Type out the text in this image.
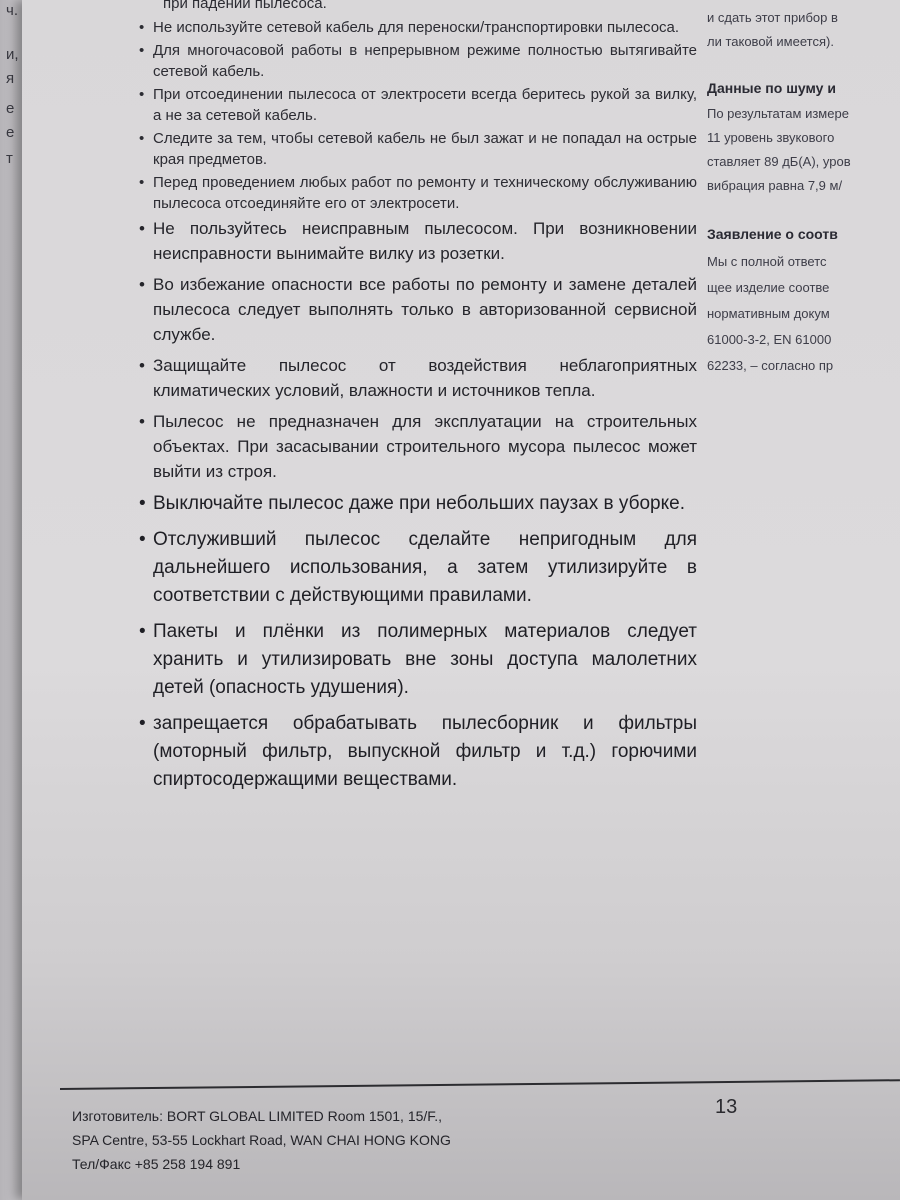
ч.
и,
я
е
е
т

при падении пылесоса.

• Не используйте сетевой кабель для переноски/транспортировки пылесоса.
• Для многочасовой работы в непрерывном режиме полностью вытягивайте сетевой кабель.
• При отсоединении пылесоса от электросети всегда беритесь рукой за вилку, а не за сетевой кабель.
• Следите за тем, чтобы сетевой кабель не был зажат и не попадал на острые края предметов.
• Перед проведением любых работ по ремонту и техническому обслуживанию пылесоса отсоединяйте его от электросети.
• Не пользуйтесь неисправным пылесосом. При возникновении неисправности вынимайте вилку из розетки.
• Во избежание опасности все работы по ремонту и замене деталей пылесоса следует выполнять только в авторизованной сервисной службе.
• Защищайте пылесос от воздействия неблагоприятных климатических условий, влажности и источников тепла.
• Пылесос не предназначен для эксплуатации на строительных объектах. При засасывании строительного мусора пылесос может выйти из строя.
• Выключайте пылесос даже при небольших паузах в уборке.
• Отслуживший пылесос сделайте непригодным для дальнейшего использования, а затем утилизируйте в соответствии с действующими правилами.
• Пакеты и плёнки из полимерных материалов следует хранить и утилизировать вне зоны доступа малолетних детей (опасность удушения).
• запрещается обрабатывать пылесборник и фильтры (моторный фильтр, выпускной фильтр и т.д.) горючими спиртосодержащими веществами.

и сдать этот прибор в

ли таковой имеется).

Данные по шуму и

По результатам измере

11 уровень звукового

ставляет 89 дБ(А), уров

вибрация равна 7,9 м/

Заявление о соотв

Мы с полной ответс

щее изделие соотве

нормативным докум

61000-3-2, EN 61000

62233, – согласно пр

Изготовитель: BORT GLOBAL LIMITED Room 1501, 15/F.,
SPA Centre, 53-55 Lockhart Road, WAN CHAI HONG KONG
Тел/Факс +85 258 194 891
13
